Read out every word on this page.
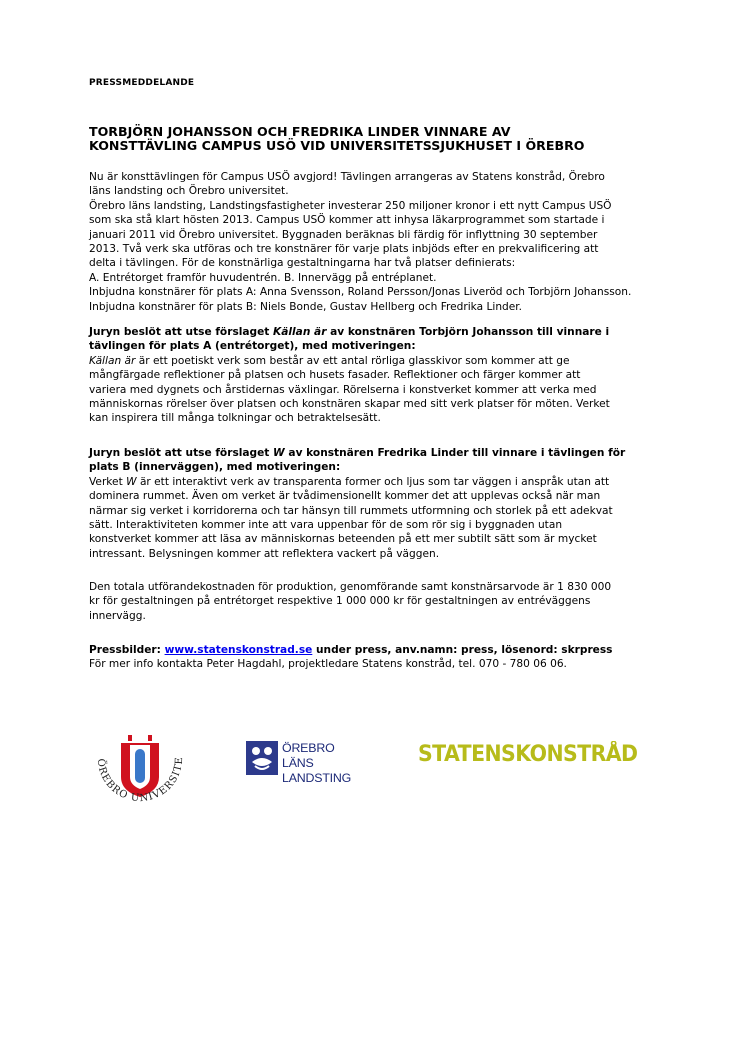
PRESSMEDDELANDE
TORBJÖRN JOHANSSON OCH FREDRIKA LINDER VINNARE AV
KONSTTÄVLING CAMPUS USÖ VID UNIVERSITETSSJUKHUSET I ÖREBRO
Nu är konsttävlingen för Campus USÖ avgjord! Tävlingen arrangeras av Statens konstråd, Örebro
läns landsting och Örebro universitet.
Örebro läns landsting, Landstingsfastigheter investerar 250 miljoner kronor i ett nytt Campus USÖ
som ska stå klart hösten 2013. Campus USÖ kommer att inhysa läkarprogrammet som startade i
januari 2011 vid Örebro universitet. Byggnaden beräknas bli färdig för inflyttning 30 september
2013. Två verk ska utföras och tre konstnärer för varje plats inbjöds efter en prekvalificering att
delta i tävlingen. För de konstnärliga gestaltningarna har två platser definierats:
A. Entrétorget framför huvudentrén. B. Innervägg på entréplanet.
Inbjudna konstnärer för plats A: Anna Svensson, Roland Persson/Jonas Liveröd och Torbjörn Johansson.
Inbjudna konstnärer för plats B: Niels Bonde, Gustav Hellberg och Fredrika Linder.
Juryn beslöt att utse förslaget Källan är av konstnären Torbjörn Johansson till vinnare i
tävlingen för plats A (entrétorget), med motiveringen:
Källan är är ett poetiskt verk som består av ett antal rörliga glasskivor som kommer att ge
mångfärgade reflektioner på platsen och husets fasader. Reflektioner och färger kommer att
variera med dygnets och årstidernas växlingar. Rörelserna i konstverket kommer att verka med
människornas rörelser över platsen och konstnären skapar med sitt verk platser för möten. Verket
kan inspirera till många tolkningar och betraktelsesätt.
Juryn beslöt att utse förslaget W av konstnären Fredrika Linder till vinnare i tävlingen för
plats B (innerväggen), med motiveringen:
Verket W är ett interaktivt verk av transparenta former och ljus som tar väggen i anspråk utan att
dominera rummet. Även om verket är tvådimensionellt kommer det att upplevas också när man
närmar sig verket i korridorerna och tar hänsyn till rummets utformning och storlek på ett adekvat
sätt. Interaktiviteten kommer inte att vara uppenbar för de som rör sig i byggnaden utan
konstverket kommer att läsa av människornas beteenden på ett mer subtilt sätt som är mycket
intressant. Belysningen kommer att reflektera vackert på väggen.
Den totala utförandekostnaden för produktion, genomförande samt konstnärsarvode är 1 830 000
kr för gestaltningen på entrétorget respektive 1 000 000 kr för gestaltningen av entréväggens
innervägg.
Pressbilder: www.statenskonstrad.se under press, anv.namn: press, lösenord: skrpress
För mer info kontakta Peter Hagdahl, projektledare Statens konstråd, tel. 070 - 780 06 06.
ÖREBRO UNIVERSITE
ÖREBRO LÄNS
LANDSTING
STATENSKONSTRÅD
